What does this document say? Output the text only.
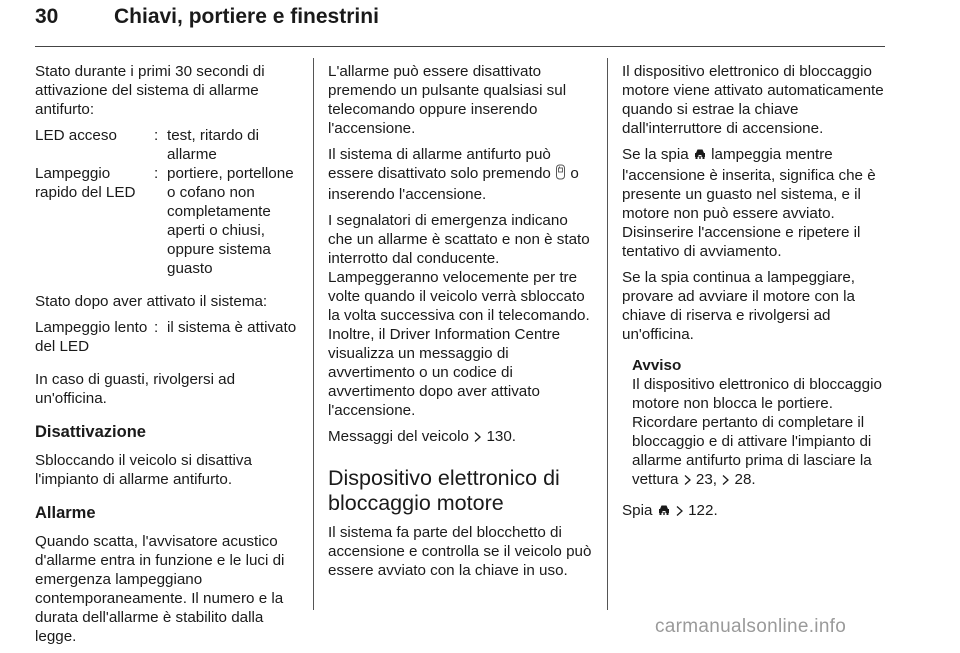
30	Chiavi, portiere e finestrini

Stato durante i primi 30 secondi di attivazione del sistema di allarme antifurto:

LED acceso	: test, ritardo di allarme
Lampeggio rapido del LED
: portiere, portellone o cofano non completamente aperti o chiusi, oppure sistema guasto

Stato dopo aver attivato il sistema:

Lampeggio lento del LED
: il sistema è attivato

In caso di guasti, rivolgersi ad un'officina.

Disattivazione

Sbloccando il veicolo si disattiva l'impianto di allarme antifurto.

Allarme

Quando scatta, l'avvisatore acustico d'allarme entra in funzione e le luci di emergenza lampeggiano contemporaneamente. Il numero e la durata dell'allarme è stabilito dalla legge.

L'allarme può essere disattivato premendo un pulsante qualsiasi sul telecomando oppure inserendo l'accensione.

Il sistema di allarme antifurto può essere disattivato solo premendo o inserendo l'accensione.

I segnalatori di emergenza indicano che un allarme è scattato e non è stato interrotto dal conducente. Lampeggeranno velocemente per tre volte quando il veicolo verrà sbloccato la volta successiva con il telecomando. Inoltre, il Driver Information Centre visualizza un messaggio di avvertimento o un codice di avvertimento dopo aver attivato l'accensione.

Messaggi del veicolo 130.

Dispositivo elettronico di bloccaggio motore

Il sistema fa parte del blocchetto di accensione e controlla se il veicolo può essere avviato con la chiave in uso.

Il dispositivo elettronico di bloccaggio motore viene attivato automaticamente quando si estrae la chiave dall'interruttore di accensione.

Se la spia lampeggia mentre l'accensione è inserita, significa che è presente un guasto nel sistema, e il motore non può essere avviato. Disinserire l'accensione e ripetere il tentativo di avviamento.

Se la spia continua a lampeggiare, provare ad avviare il motore con la chiave di riserva e rivolgersi ad un'officina.

Avviso
Il dispositivo elettronico di bloccaggio motore non blocca le portiere. Ricordare pertanto di completare il bloccaggio e di attivare l'impianto di allarme antifurto prima di lasciare la vettura 23, 28.

Spia 122.

carmanualsonline.info
